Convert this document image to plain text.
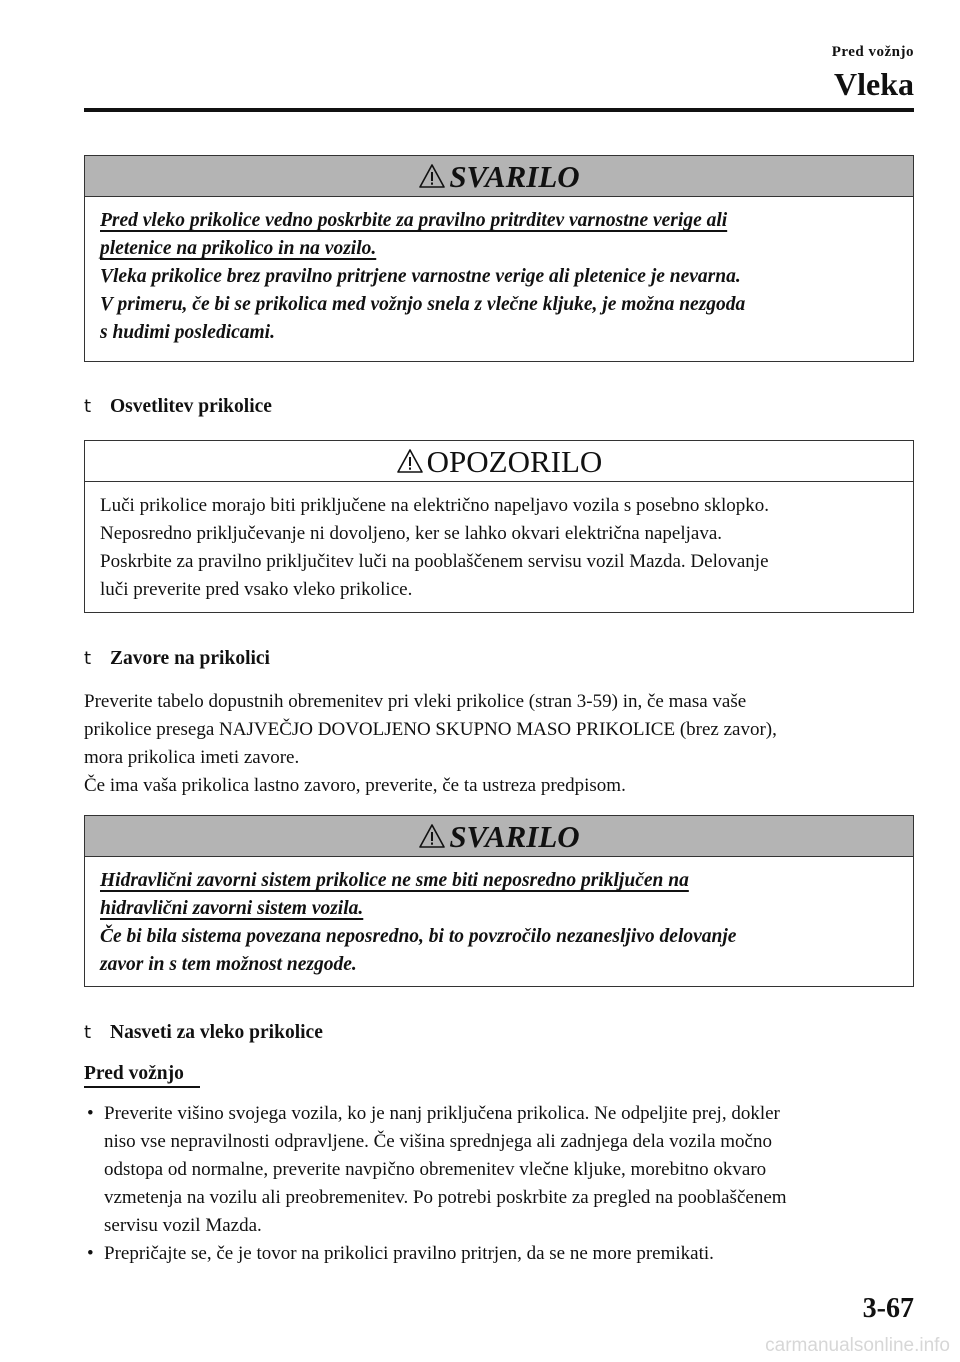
Pred vožnjo
Vleka
SVARILO

Pred vleko prikolice vedno poskrbite za pravilno pritrditev varnostne verige ali

pletenice na prikolico in na vozilo.

Vleka prikolice brez pravilno pritrjene varnostne verige ali pletenice je nevarna.

V primeru, če bi se prikolica med vožnjo snela z vlečne kljuke, je možna nezgoda

s hudimi posledicami.

t Osvetlitev prikolice
OPOZORILO

Luči prikolice morajo biti priključene na električno napeljavo vozila s posebno sklopko.

Neposredno priključevanje ni dovoljeno, ker se lahko okvari električna napeljava.

Poskrbite za pravilno priključitev luči na pooblaščenem servisu vozil Mazda. Delovanje

luči preverite pred vsako vleko prikolice.

t Zavore na prikolici

Preverite tabelo dopustnih obremenitev pri vleki prikolice (stran 3-59) in, če masa vaše

prikolice presega NAJVEČJO DOVOLJENO SKUPNO MASO PRIKOLICE (brez zavor),

mora prikolica imeti zavore.

Če ima vaša prikolica lastno zavoro, preverite, če ta ustreza predpisom.

SVARILO

Hidravlični zavorni sistem prikolice ne sme biti neposredno priključen na

hidravlični zavorni sistem vozila.

Če bi bila sistema povezana neposredno, bi to povzročilo nezanesljivo delovanje

zavor in s tem možnost nezgode.

t Nasveti za vleko prikolice
Pred vožnjo
• Preverite višino svojega vozila, ko je nanj priključena prikolica. Ne odpeljite prej, dokler

niso vse nepravilnosti odpravljene. Če višina sprednjega ali zadnjega dela vozila močno

odstopa od normalne, preverite navpično obremenitev vlečne kljuke, morebitno okvaro

vzmetenja na vozilu ali preobremenitev. Po potrebi poskrbite za pregled na pooblaščenem

servisu vozil Mazda.

• Prepričajte se, če je tovor na prikolici pravilno pritrjen, da se ne more premikati.

3-67
carmanualsonline.info
